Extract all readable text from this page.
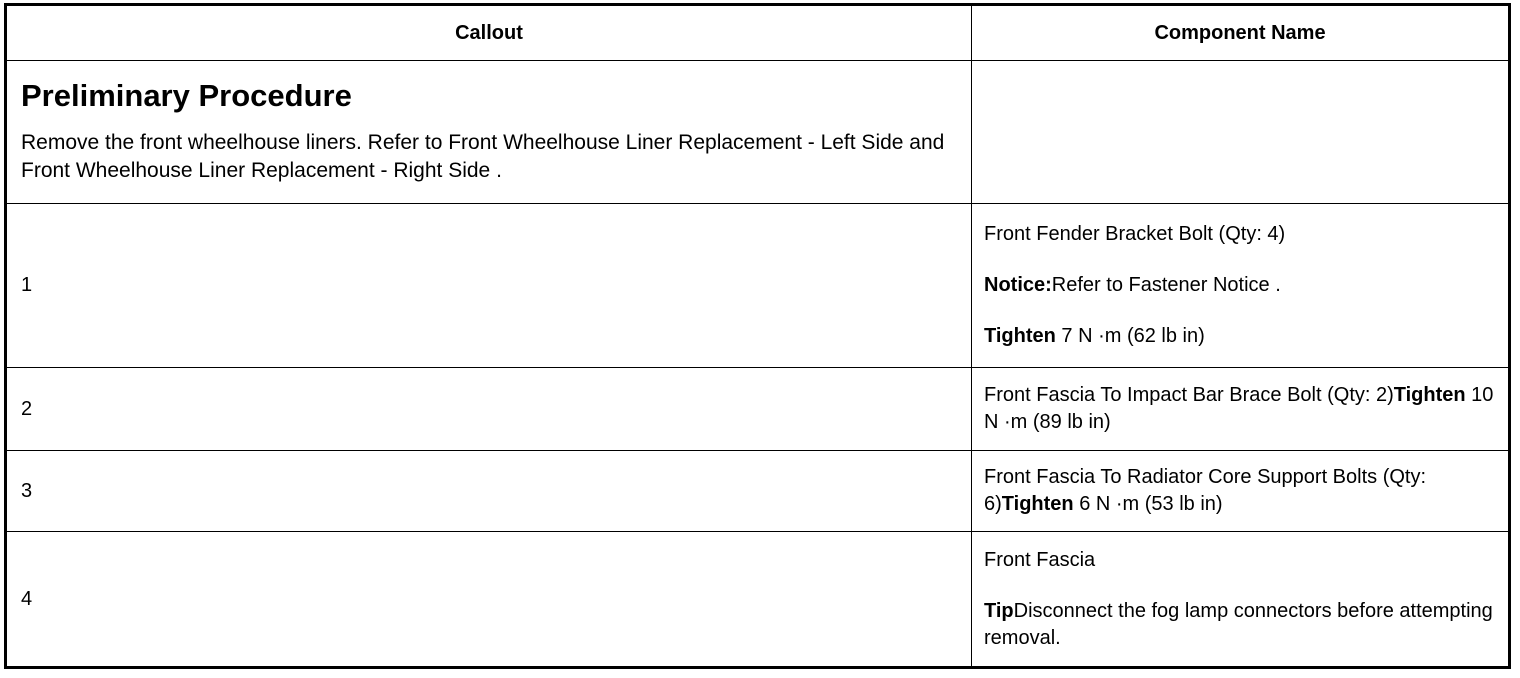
Callout	Component Name

Preliminary Procedure

Remove the front wheelhouse liners. Refer to Front Wheelhouse Liner Replacement - Left Side and Front Wheelhouse Liner Replacement - Right Side .	

1	Front Fender Bracket Bolt (Qty: 4)

Notice:Refer to Fastener Notice .

Tighten 7 N ·m (62 lb in)

2	Front Fascia To Impact Bar Brace Bolt (Qty: 2)Tighten 10 N ·m (89 lb in)

3	Front Fascia To Radiator Core Support Bolts (Qty: 6)Tighten 6 N ·m (53 lb in)

4	Front Fascia

TipDisconnect the fog lamp connectors before attempting removal.
